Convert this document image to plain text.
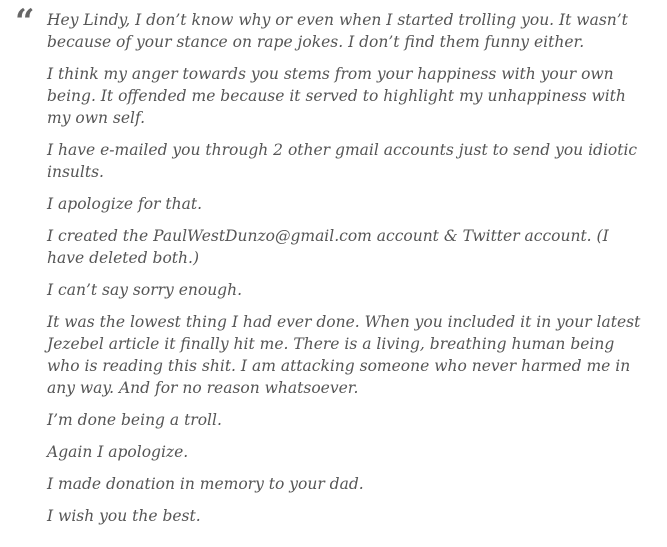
“ Hey Lindy, I don’t know why or even when I started trolling you. It wasn’t because of your stance on rape jokes. I don’t find them funny either.

I think my anger towards you stems from your happiness with your own being. It offended me because it served to highlight my unhappiness with my own self.

I have e-mailed you through 2 other gmail accounts just to send you idiotic insults.

I apologize for that.

I created the PaulWestDunzo@gmail.com account & Twitter account. (I have deleted both.)

I can’t say sorry enough.

It was the lowest thing I had ever done. When you included it in your latest Jezebel article it finally hit me. There is a living, breathing human being who is reading this shit. I am attacking someone who never harmed me in any way. And for no reason whatsoever.

I’m done being a troll.

Again I apologize.

I made donation in memory to your dad.

I wish you the best.
